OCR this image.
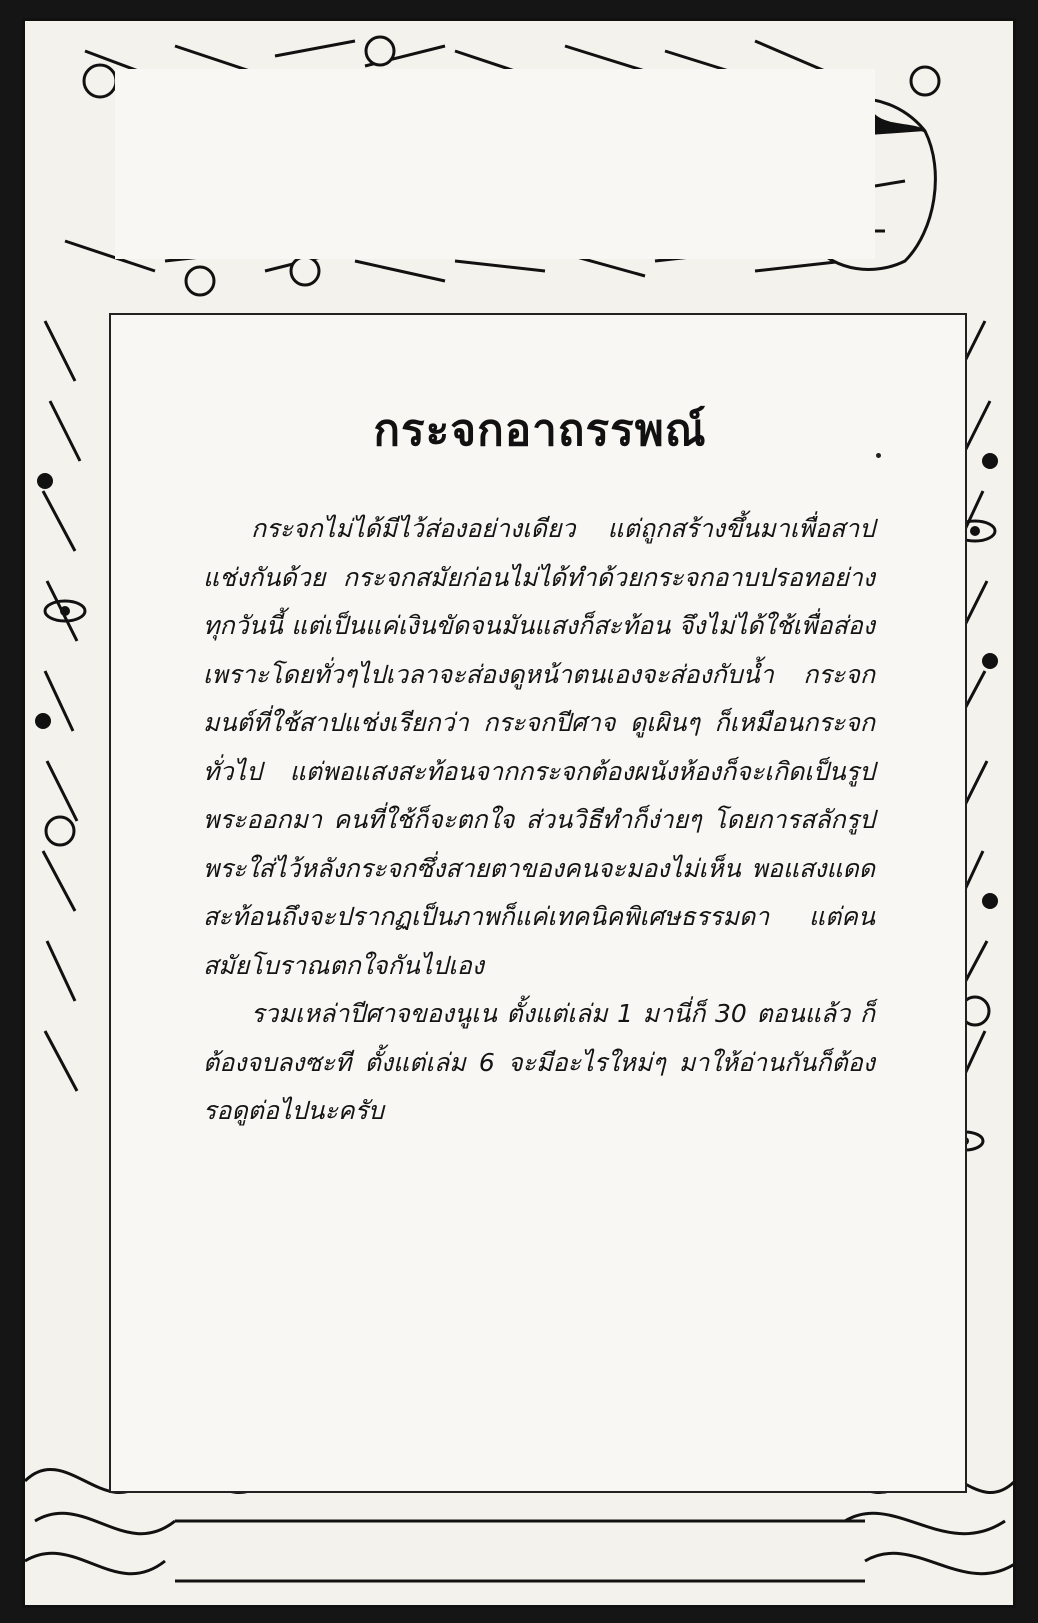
กระจกอาถรรพณ์

กระจกไม่ได้มีไว้ส่องอย่างเดียว แต่ถูกสร้างขึ้นมาเพื่อสาปแช่งกันด้วย กระจกสมัยก่อนไม่ได้ทำด้วยกระจกอาบปรอทอย่างทุกวันนี้ แต่เป็นแค่เงินขัดจนมันแสงก็สะท้อน จึงไม่ได้ใช้เพื่อส่อง เพราะโดยทั่วๆไปเวลาจะส่องดูหน้าตนเองจะส่องกับน้ำ กระจกมนต์ที่ใช้สาปแช่งเรียกว่า กระจกปีศาจ ดูเผินๆ ก็เหมือนกระจกทั่วไป แต่พอแสงสะท้อนจากกระจกต้องผนังห้องก็จะเกิดเป็นรูปพระออกมา คนที่ใช้ก็จะตกใจ ส่วนวิธีทำก็ง่ายๆ โดยการสลักรูปพระใส่ไว้หลังกระจกซึ่งสายตาของคนจะมองไม่เห็น พอแสงแดดสะท้อนถึงจะปรากฏเป็นภาพก็แค่เทคนิคพิเศษธรรมดา แต่คนสมัยโบราณตกใจกันไปเอง

รวมเหล่าปีศาจของนูเน ตั้งแต่เล่ม 1 มานี่ก็ 30 ตอนแล้ว ก็ต้องจบลงซะที ตั้งแต่เล่ม 6 จะมีอะไรใหม่ๆ มาให้อ่านกันก็ต้องรอดูต่อไปนะครับ
